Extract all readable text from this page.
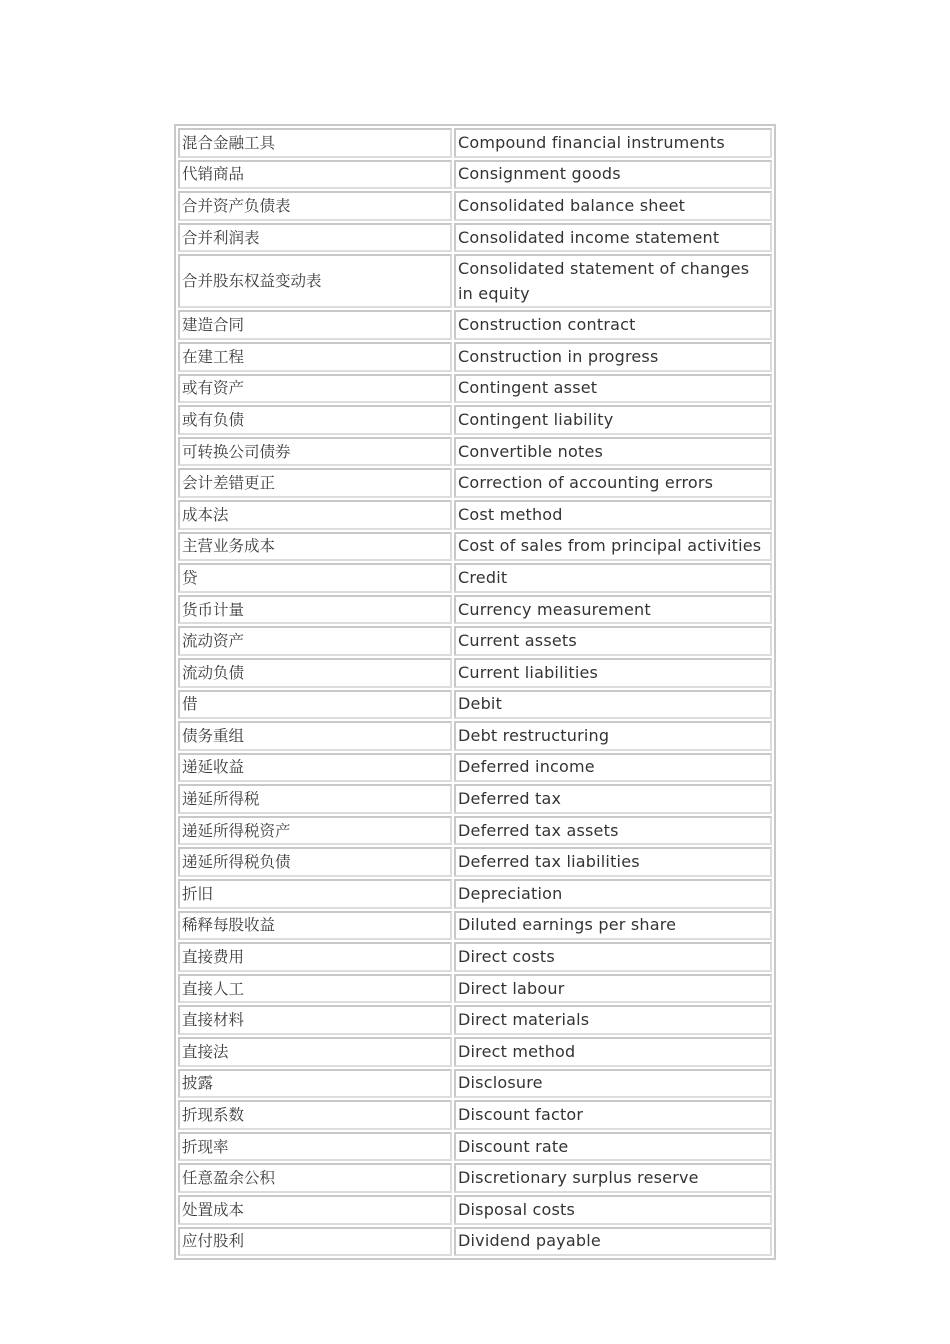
混合金融工具	Compound financial instruments
代销商品	Consignment goods
合并资产负债表	Consolidated balance sheet
合并利润表	Consolidated income statement
合并股东权益变动表	Consolidated statement of changes in equity
建造合同	Construction contract
在建工程	Construction in progress
或有资产	Contingent asset
或有负债	Contingent liability
可转换公司债券	Convertible notes
会计差错更正	Correction of accounting errors
成本法	Cost method
主营业务成本	Cost of sales from principal activities
贷	Credit
货币计量	Currency measurement
流动资产	Current assets
流动负债	Current liabilities
借	Debit
债务重组	Debt restructuring
递延收益	Deferred income
递延所得税	Deferred tax
递延所得税资产	Deferred tax assets
递延所得税负债	Deferred tax liabilities
折旧	Depreciation
稀释每股收益	Diluted earnings per share
直接费用	Direct costs
直接人工	Direct labour
直接材料	Direct materials
直接法	Direct method
披露	Disclosure
折现系数	Discount factor
折现率	Discount rate
任意盈余公积	Discretionary surplus reserve
处置成本	Disposal costs
应付股利	Dividend payable
